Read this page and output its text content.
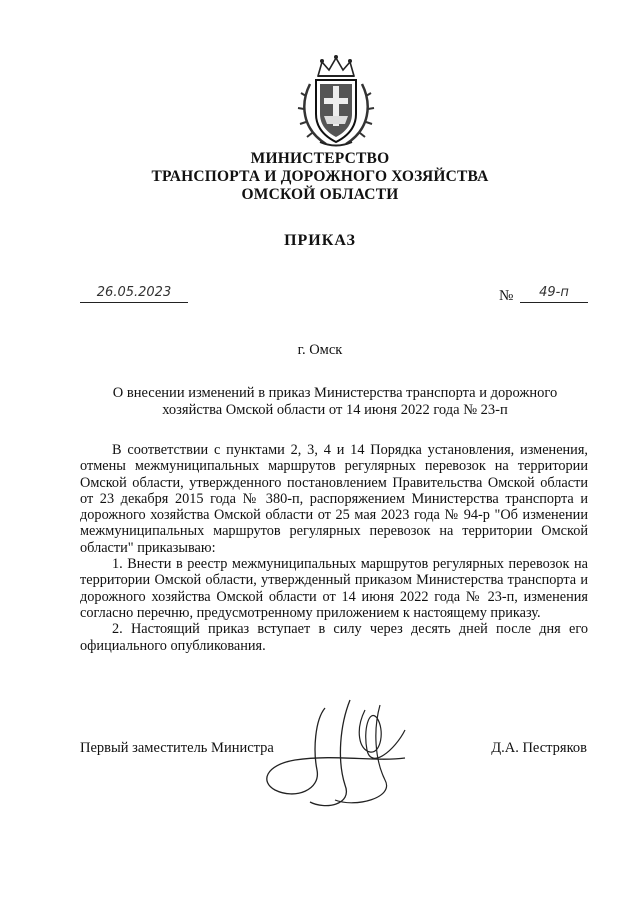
МИНИСТЕРСТВО
ТРАНСПОРТА И ДОРОЖНОГО ХОЗЯЙСТВА
ОМСКОЙ ОБЛАСТИ
ПРИКАЗ
26.05.2023	№	49-п
г. Омск
О внесении изменений в приказ Министерства транспорта и дорожного хозяйства Омской области от 14 июня 2022 года № 23-п

В соответствии с пунктами 2, 3, 4 и 14 Порядка установления, изменения, отмены межмуниципальных маршрутов регулярных перевозок на территории Омской области, утвержденного постановлением Правительства Омской области от 23 декабря 2015 года № 380-п, распоряжением Министерства транспорта и дорожного хозяйства Омской области от 25 мая 2023 года № 94-р "Об изменении межмуниципальных маршрутов регулярных перевозок на территории Омской области" приказываю:

1. Внести в реестр межмуниципальных маршрутов регулярных перевозок на территории Омской области, утвержденный приказом Министерства транспорта и дорожного хозяйства Омской области от 14 июня 2022 года № 23-п, изменения согласно перечню, предусмотренному приложением к настоящему приказу.

2. Настоящий приказ вступает в силу через десять дней после дня его официального опубликования.

Первый заместитель Министра	Д.А. Пестряков
